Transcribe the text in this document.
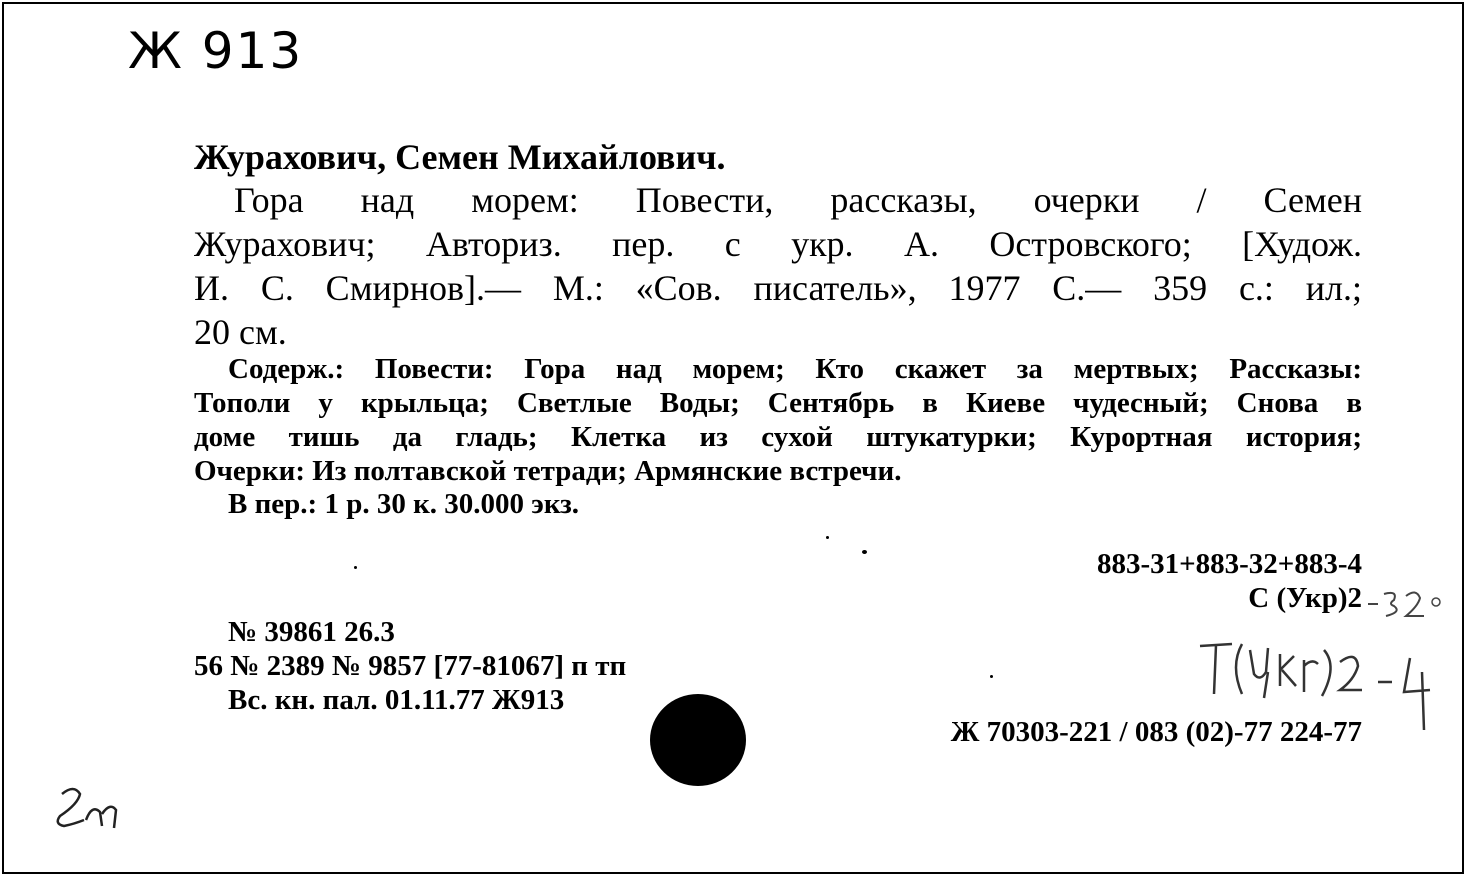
Ж 913
Журахович, Семен Михайлович.
Гора над морем: Повести, рассказы, очерки / Семен
Журахович; Авториз. пер. с укр. А. Островского; [Худож.
И. С. Смирнов].— М.: «Сов. писатель», 1977 С.— 359 с.: ил.;
20 см.
Содерж.: Повести: Гора над морем; Кто скажет за мертвых; Рассказы:
Тополи у крыльца; Светлые Воды; Сентябрь в Киеве чудесный; Снова в
доме тишь да гладь; Клетка из сухой штукатурки; Курортная история;
Очерки: Из полтавской тетради; Армянские встречи.
В пер.: 1 р. 30 к. 30.000 экз.
883-31+883-32+883-4
С (Укр)2
№ 39861 26.3
56 № 2389 № 9857 [77-81067] п тп
Вс. кн. пал. 01.11.77 Ж913
Ж 70303-221 / 083 (02)-77 224-77
